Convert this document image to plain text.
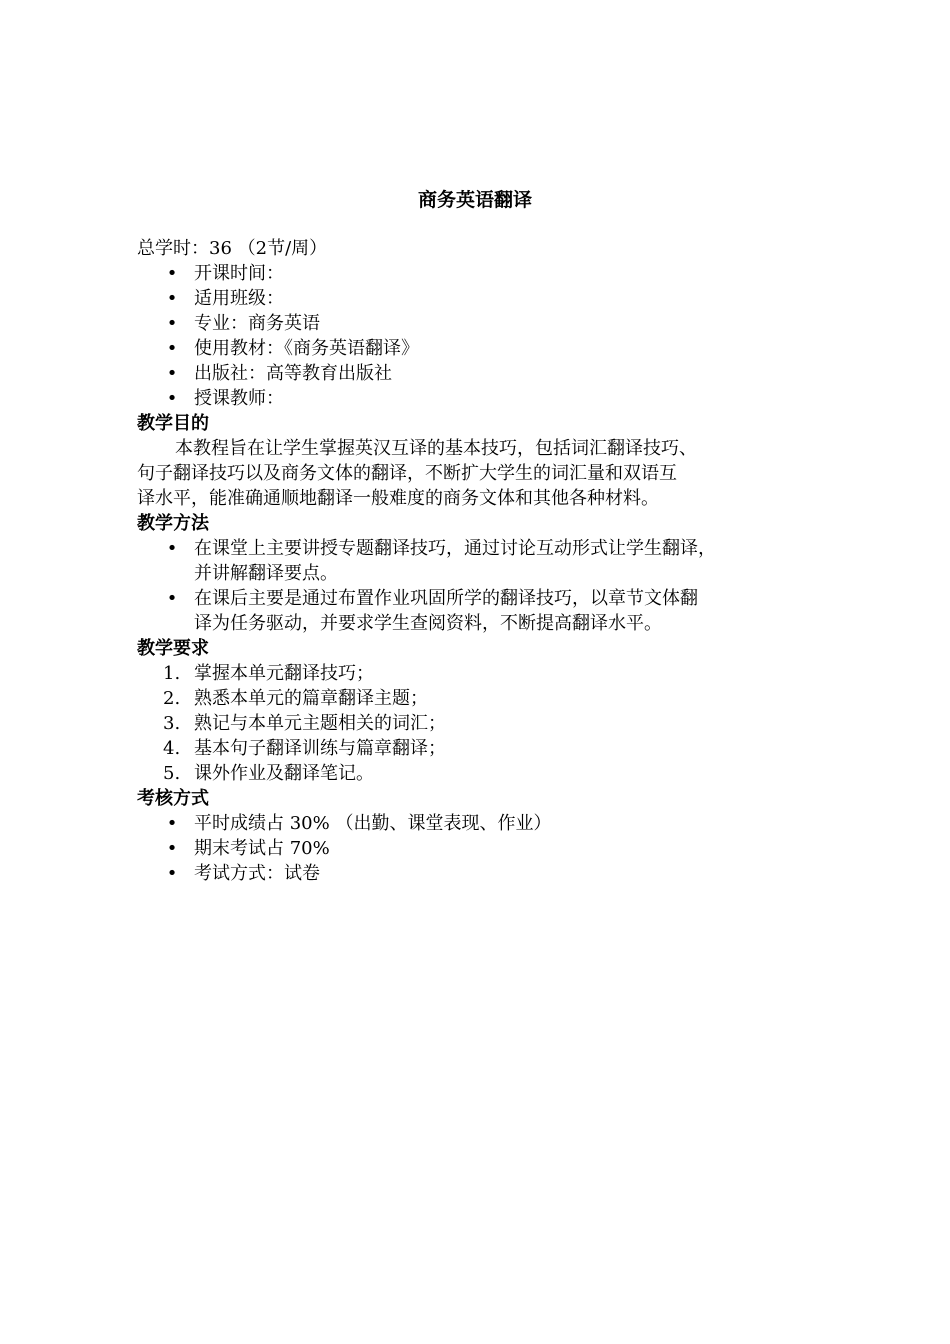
商务英语翻译

总学时：36 （2节/周）

• 开课时间：
• 适用班级：
• 专业：商务英语
• 使用教材：《商务英语翻译》
• 出版社：高等教育出版社
• 授课教师：
教学目的

本教程旨在让学生掌握英汉互译的基本技巧，包括词汇翻译技巧、

句子翻译技巧以及商务文体的翻译，不断扩大学生的词汇量和双语互

译水平，能准确通顺地翻译一般难度的商务文体和其他各种材料。

教学方法
• 在课堂上主要讲授专题翻译技巧，通过讨论互动形式让学生翻译，
并讲解翻译要点。
• 在课后主要是通过布置作业巩固所学的翻译技巧，以章节文体翻
译为任务驱动，并要求学生查阅资料，不断提高翻译水平。
教学要求
1. 掌握本单元翻译技巧；
2. 熟悉本单元的篇章翻译主题；
3. 熟记与本单元主题相关的词汇；
4. 基本句子翻译训练与篇章翻译；
5. 课外作业及翻译笔记。
考核方式
• 平时成绩占 30% （出勤、课堂表现、作业）
• 期末考试占 70%
• 考试方式：试卷
